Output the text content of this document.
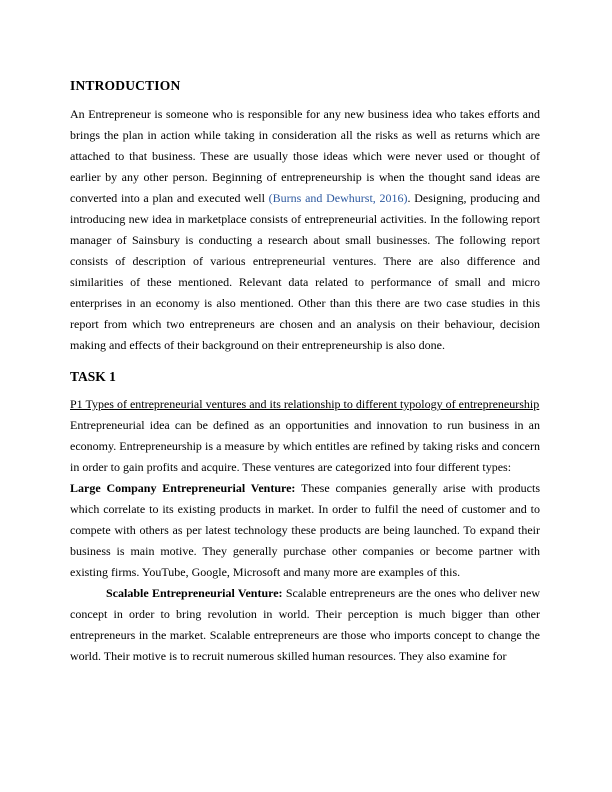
INTRODUCTION

An Entrepreneur is someone who is responsible for any new business idea who takes efforts and brings the plan in action while taking in consideration all the risks as well as returns which are attached to that business. These are usually those ideas which were never used or thought of earlier by any other person. Beginning of entrepreneurship is when the thought sand ideas are converted into a plan and executed well (Burns and Dewhurst, 2016). Designing, producing and introducing new idea in marketplace consists of entrepreneurial activities. In the following report manager of Sainsbury is conducting a research about small businesses. The following report consists of description of various entrepreneurial ventures. There are also difference and similarities of these mentioned. Relevant data related to performance of small and micro enterprises in an economy is also mentioned. Other than this there are two case studies in this report from which two entrepreneurs are chosen and an analysis on their behaviour, decision making and effects of their background on their entrepreneurship is also done.

TASK 1
P1 Types of entrepreneurial ventures and its relationship to different typology of entrepreneurship

Entrepreneurial idea can be defined as an opportunities and innovation to run business in an economy. Entrepreneurship is a measure by which entitles are refined by taking risks and concern in order to gain profits and acquire. These ventures are categorized into four different types:

Large Company Entrepreneurial Venture: These companies generally arise with products which correlate to its existing products in market. In order to fulfil the need of customer and to compete with others as per latest technology these products are being launched. To expand their business is main motive. They generally purchase other companies or become partner with existing firms. YouTube, Google, Microsoft and many more are examples of this.

Scalable Entrepreneurial Venture: Scalable entrepreneurs are the ones who deliver new concept in order to bring revolution in world. Their perception is much bigger than other entrepreneurs in the market. Scalable entrepreneurs are those who imports concept to change the world. Their motive is to recruit numerous skilled human resources. They also examine for
